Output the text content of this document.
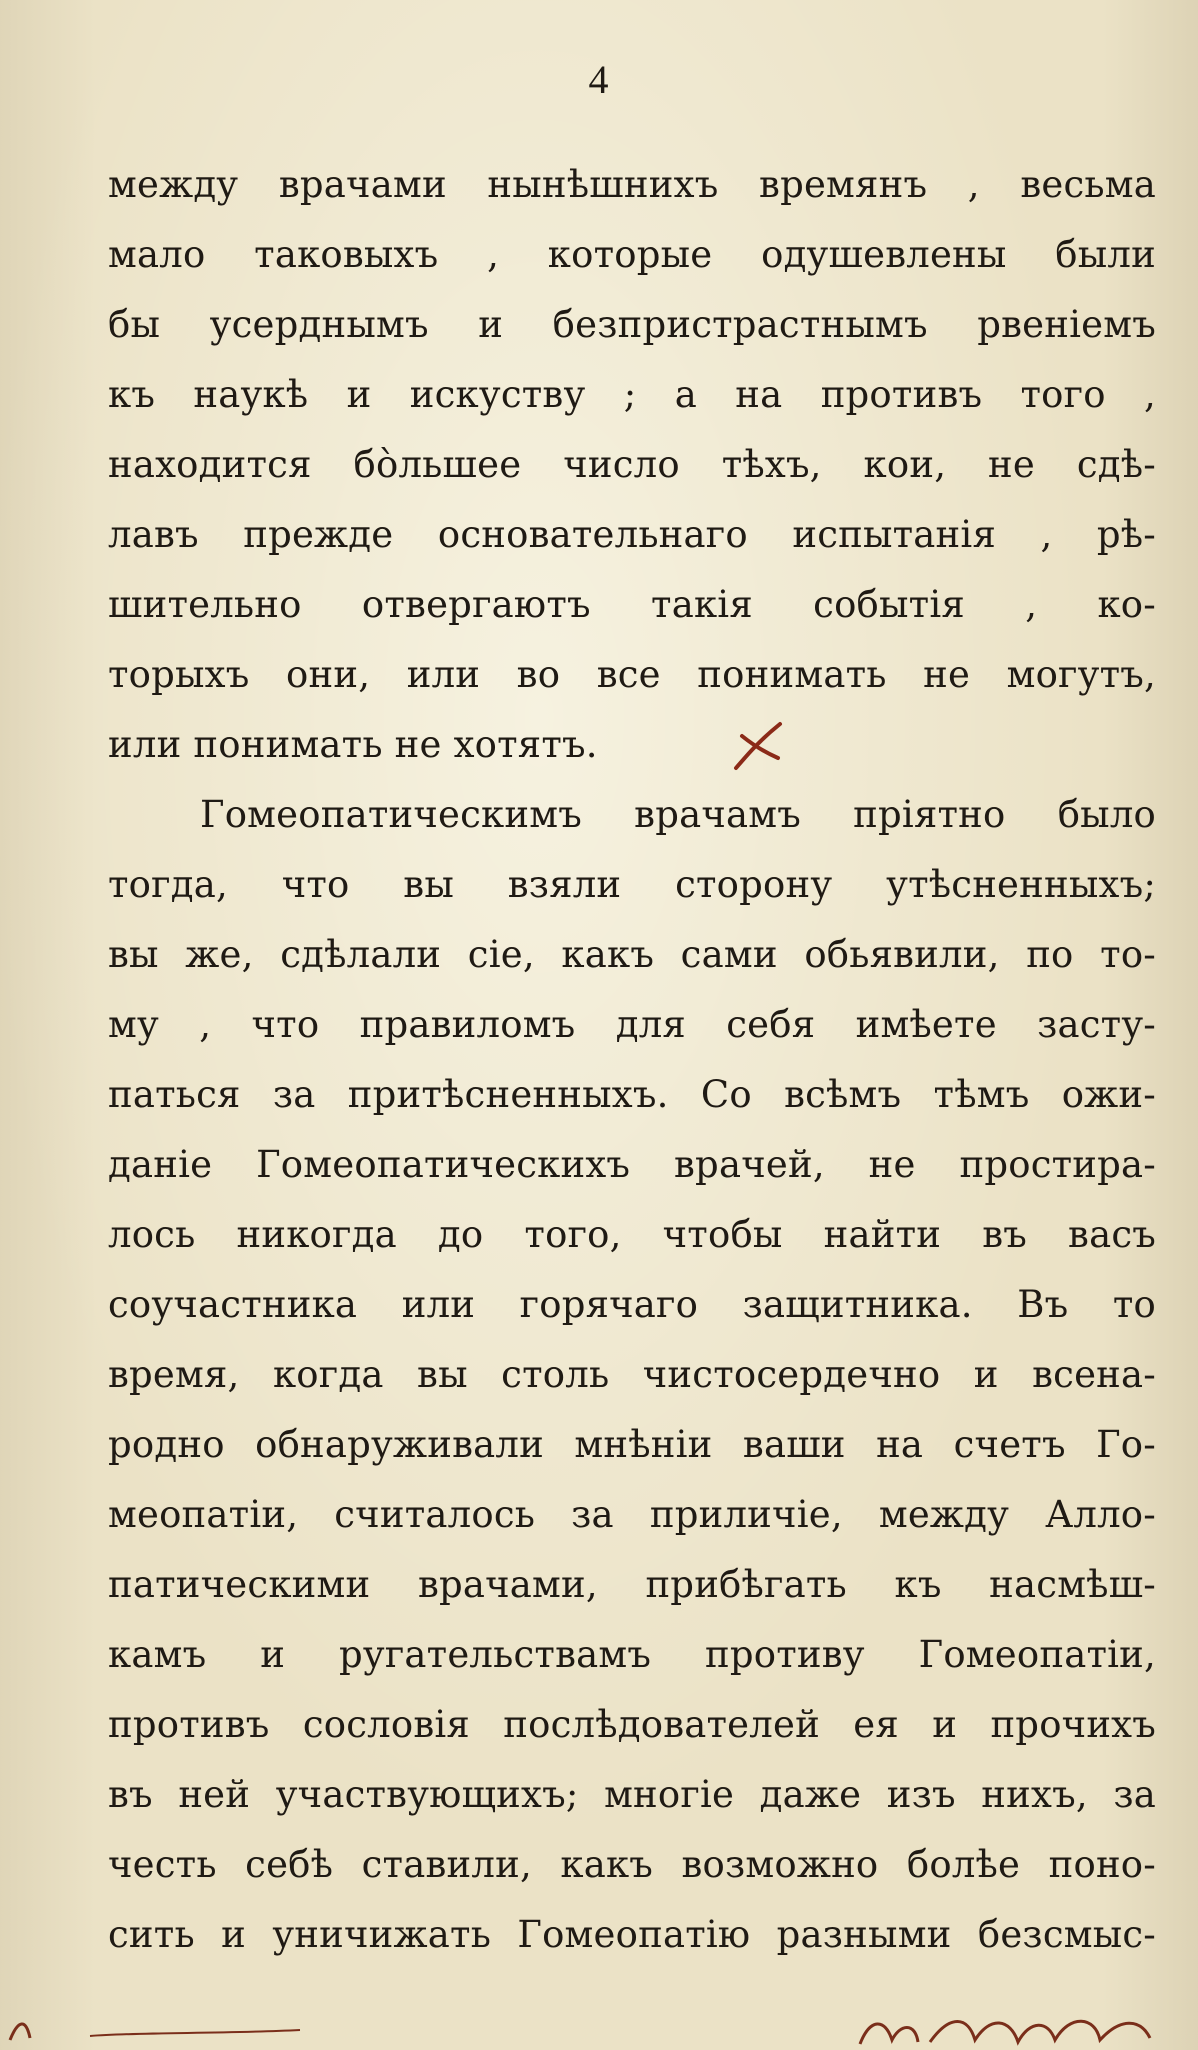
4
между врачами нынѣшнихъ времянъ , весьма
мало таковыхъ , которые одушевлены были
бы усерднымъ и безпристрастнымъ рвенiемъ
къ наукѣ и искуству ; а на противъ того ,
находится бо̀льшее число тѣхъ, кои, не сдѣ-
лавъ прежде основательнаго испытанія , рѣ-
шительно отвергаютъ такія событія , ко-
торыхъ они, или во все понимать не могутъ,
или понимать не хотятъ.
Гомеопатическимъ врачамъ пріятно было
тогда, что вы взяли сторону утѣсненныхъ;
вы же, сдѣлали сіе, какъ сами обьявили, по то-
му , что правиломъ для себя имѣете засту-
паться за притѣсненныхъ. Со всѣмъ тѣмъ ожи-
даніе Гомеопатическихъ врачей, не простира-
лось никогда до того, чтобы найти въ васъ
соучастника или горячаго защитника. Въ то
время, когда вы столь чистосердечно и всена-
родно обнаруживали мнѣніи ваши на счетъ Го-
меопатіи, считалось за приличіе, между Алло-
патическими врачами, прибѣгать къ насмѣш-
камъ и ругательствамъ противу Гомеопатіи,
противъ сословія послѣдователей ея и прочихъ
въ ней участвующихъ; многіе даже изъ нихъ, за
честь себѣ ставили, какъ возможно болѣе поно-
сить и уничижать Гомеопатію разными безсмыс-
